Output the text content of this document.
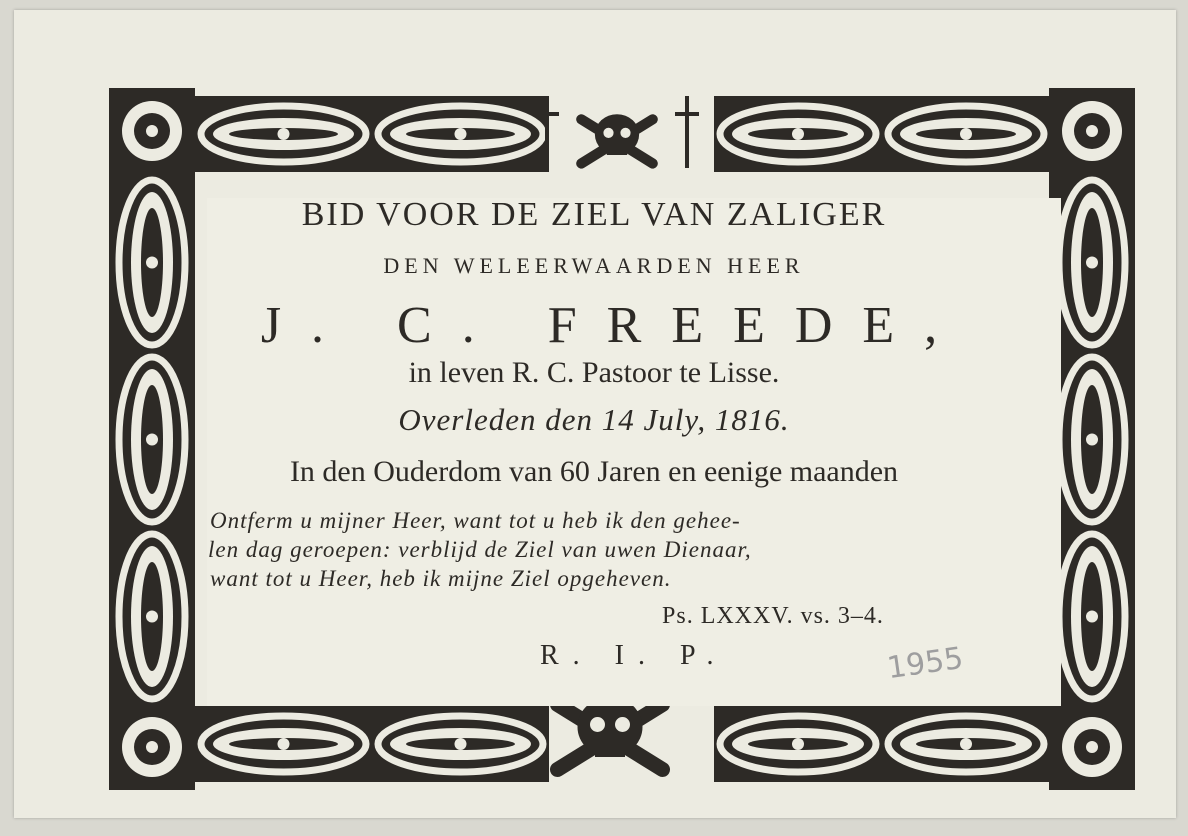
BID VOOR DE ZIEL VAN ZALIGER
DEN WELEERWAARDEN HEER
J. C. FREEDE,
in leven R. C. Pastoor te Lisse.
Overleden den 14 July, 1816.
In den Ouderdom van 60 Jaren en eenige maanden
Ontferm u mijner Heer, want tot u heb ik den gehee-
len dag geroepen: verblijd de Ziel van uwen Dienaar,
want tot u Heer, heb ik mijne Ziel opgeheven.
Ps. LXXXV. vs. 3–4.
R. I. P.	1955
